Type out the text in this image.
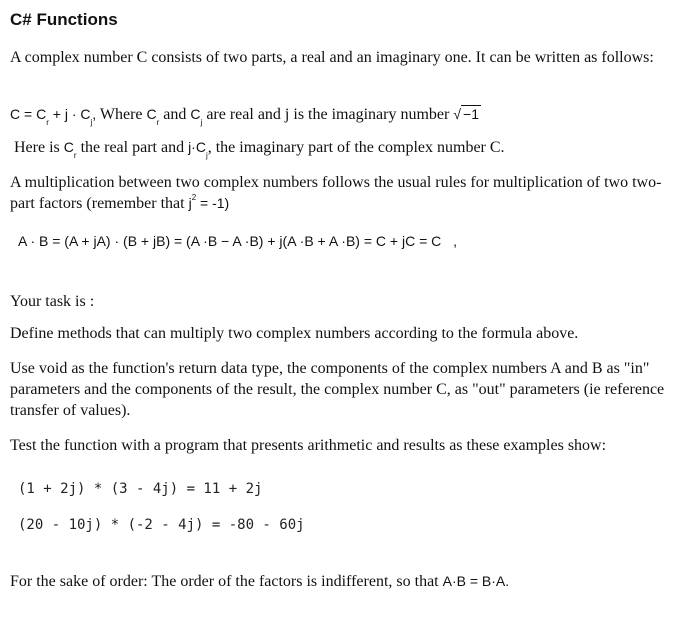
C# Functions
A complex number C consists of two parts, a real and an imaginary one. It can be written as follows:
$C = C_r + j \cdot C_j$, Where $C_r$ and $C_j$ are real and j is the imaginary number √ −1
Here is $C_r$ the real part and $j\cdot C_j$, the imaginary part of the complex number C.
A multiplication between two complex numbers follows the usual rules for multiplication of two two-part factors (remember that $j^2 = -1$)
A · B = (A + jA) · (B + jB) = (A ·B − A ·B) + j(A ·B + A ·B) = C + jC = C ,
Your task is :
Define methods that can multiply two complex numbers according to the formula above.
Use void as the function's return data type, the components of the complex numbers A and B as "in" parameters and the components of the result, the complex number C, as "out" parameters (ie reference transfer of values).
Test the function with a program that presents arithmetic and results as these examples show:
(1 + 2j) * (3 - 4j) = 11 + 2j
(20 - 10j) * (-2 - 4j) = -80 - 60j
For the sake of order: The order of the factors is indifferent, so that A·B = B·A.
